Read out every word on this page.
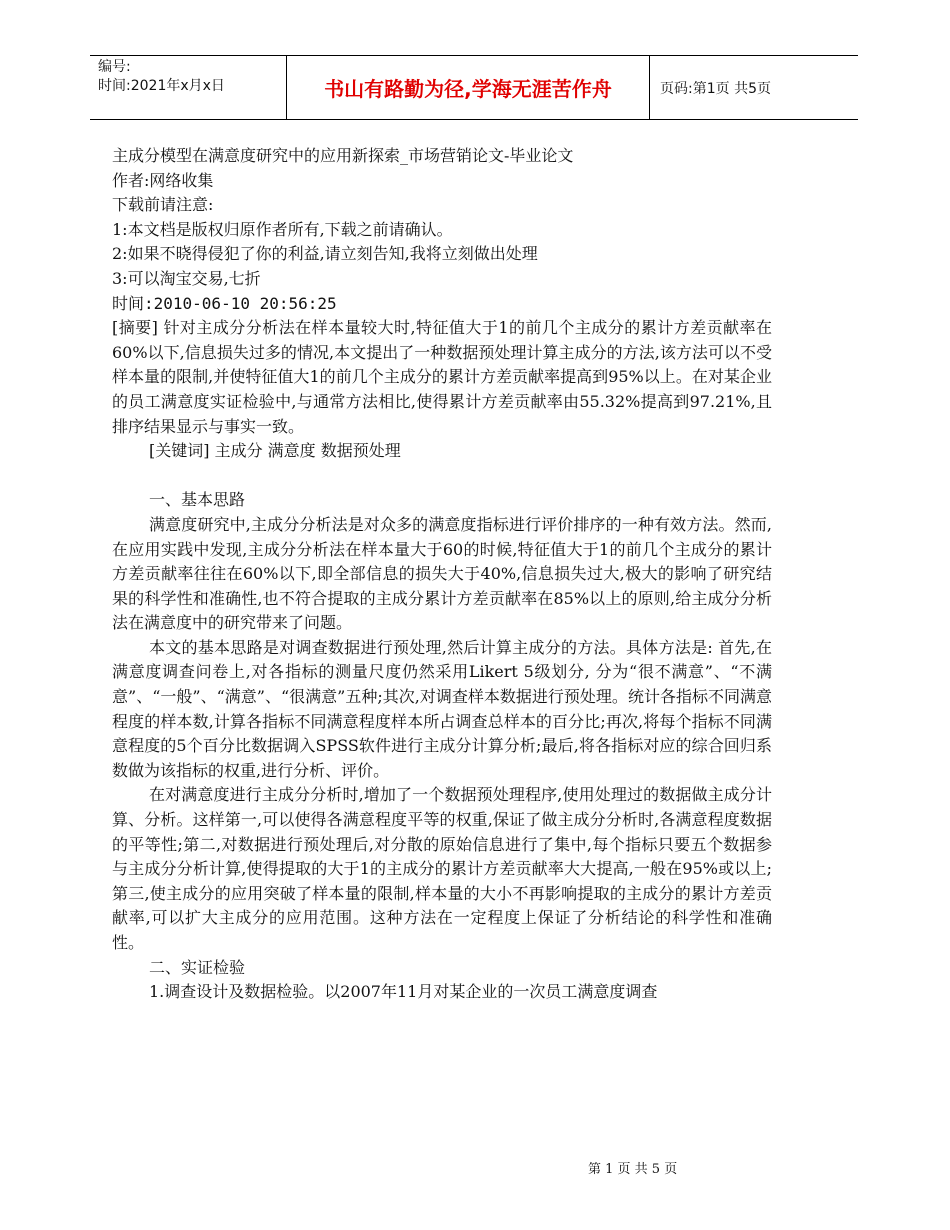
编号:
时间:2021年x月x日	书山有路勤为径,学海无涯苦作舟	页码:第1页 共5页

主成分模型在满意度研究中的应用新探索_市场营销论文-毕业论文

作者:网络收集

下载前请注意:

1:本文档是版权归原作者所有,下载之前请确认。

2:如果不晓得侵犯了你的利益,请立刻告知,我将立刻做出处理

3:可以淘宝交易,七折

时间:2010-06-10 20:56:25

[摘要] 针对主成分分析法在样本量较大时,特征值大于1的前几个主成分的累计方差贡献率在60%以下,信息损失过多的情况,本文提出了一种数据预处理计算主成分的方法,该方法可以不受样本量的限制,并使特征值大1的前几个主成分的累计方差贡献率提高到95%以上。在对某企业的员工满意度实证检验中,与通常方法相比,使得累计方差贡献率由55.32%提高到97.21%,且排序结果显示与事实一致。

[关键词] 主成分 满意度 数据预处理

一、基本思路

满意度研究中,主成分分析法是对众多的满意度指标进行评价排序的一种有效方法。然而,在应用实践中发现,主成分分析法在样本量大于60的时候,特征值大于1的前几个主成分的累计方差贡献率往往在60%以下,即全部信息的损失大于40%,信息损失过大,极大的影响了研究结果的科学性和准确性,也不符合提取的主成分累计方差贡献率在85%以上的原则,给主成分分析法在满意度中的研究带来了问题。

本文的基本思路是对调查数据进行预处理,然后计算主成分的方法。具体方法是: 首先,在满意度调查问卷上,对各指标的测量尺度仍然采用Likert 5级划分, 分为“很不满意”、“不满意”、“一般”、“满意”、“很满意”五种;其次,对调查样本数据进行预处理。统计各指标不同满意程度的样本数,计算各指标不同满意程度样本所占调查总样本的百分比;再次,将每个指标不同满意程度的5个百分比数据调入SPSS软件进行主成分计算分析;最后,将各指标对应的综合回归系数做为该指标的权重,进行分析、评价。

在对满意度进行主成分分析时,增加了一个数据预处理程序,使用处理过的数据做主成分计算、分析。这样第一,可以使得各满意程度平等的权重,保证了做主成分分析时,各满意程度数据的平等性;第二,对数据进行预处理后,对分散的原始信息进行了集中,每个指标只要五个数据参与主成分分析计算,使得提取的大于1的主成分的累计方差贡献率大大提高,一般在95%或以上;第三,使主成分的应用突破了样本量的限制,样本量的大小不再影响提取的主成分的累计方差贡献率,可以扩大主成分的应用范围。这种方法在一定程度上保证了分析结论的科学性和准确性。

二、实证检验

1.调查设计及数据检验。以2007年11月对某企业的一次员工满意度调查

第 1 页 共 5 页
